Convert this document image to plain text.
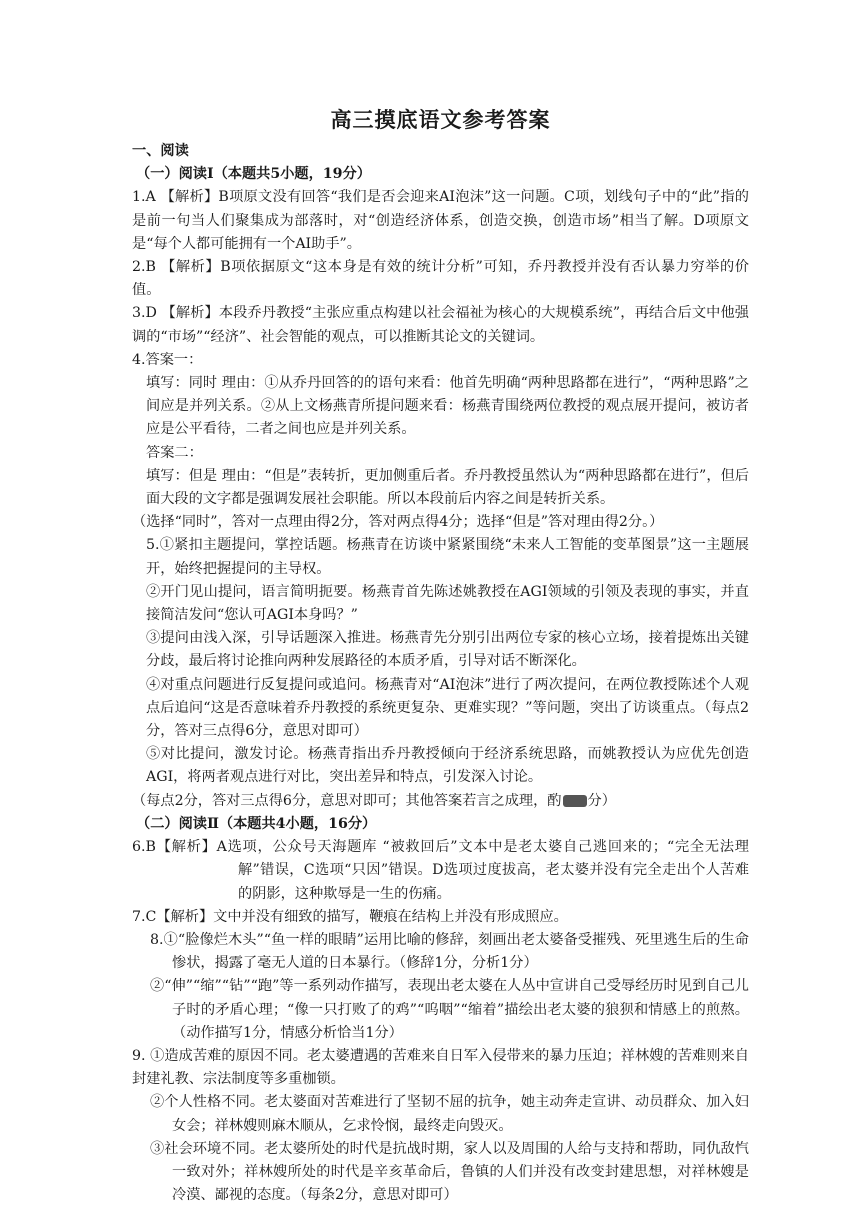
高三摸底语文参考答案

一、阅读

（一）阅读Ⅰ（本题共5小题，19分）

1.A 【解析】B项原文没有回答“我们是否会迎来AI泡沫”这一问题。C项，划线句子中的“此”指的是前一句当人们聚集成为部落时，对“创造经济体系，创造交换，创造市场”相当了解。D项原文是“每个人都可能拥有一个AI助手”。

2.B 【解析】B项依据原文“这本身是有效的统计分析”可知，乔丹教授并没有否认暴力穷举的价值。

3.D 【解析】本段乔丹教授“主张应重点构建以社会福祉为核心的大规模系统”，再结合后文中他强调的“市场”“经济”、社会智能的观点，可以推断其论文的关键词。

4.答案一：

填写：同时 理由：①从乔丹回答的的语句来看：他首先明确“两种思路都在进行”，“两种思路”之间应是并列关系。②从上文杨燕青所提问题来看：杨燕青围绕两位教授的观点展开提问，被访者应是公平看待，二者之间也应是并列关系。

答案二：

填写：但是 理由：“但是”表转折，更加侧重后者。乔丹教授虽然认为“两种思路都在进行”，但后面大段的文字都是强调发展社会职能。所以本段前后内容之间是转折关系。

（选择“同时”，答对一点理由得2分，答对两点得4分；选择“但是”答对理由得2分。）

5.①紧扣主题提问，掌控话题。杨燕青在访谈中紧紧围绕“未来人工智能的变革图景”这一主题展开，始终把握提问的主导权。

②开门见山提问，语言简明扼要。杨燕青首先陈述姚教授在AGI领域的引领及表现的事实，并直接简洁发问“您认可AGI本身吗？”

③提问由浅入深，引导话题深入推进。杨燕青先分别引出两位专家的核心立场，接着提炼出关键分歧，最后将讨论推向两种发展路径的本质矛盾，引导对话不断深化。

④对重点问题进行反复提问或追问。杨燕青对“AI泡沫”进行了两次提问，在两位教授陈述个人观点后追问“这是否意味着乔丹教授的系统更复杂、更难实现？”等问题，突出了访谈重点。（每点2分，答对三点得6分，意思对即可）

⑤对比提问，激发讨论。杨燕青指出乔丹教授倾向于经济系统思路，而姚教授认为应优先创造AGI，将两者观点进行对比，突出差异和特点，引发深入讨论。

（每点2分，答对三点得6分，意思对即可；其他答案若言之成理，酌 分）

（二）阅读Ⅱ（本题共4小题，16分）

6.B【解析】A选项，公众号天海题库 “被救回后”文本中是老太婆自己逃回来的；“完全无法理解”错误，C选项“只因”错误。D选项过度拔高，老太婆并没有完全走出个人苦难的阴影，这种欺辱是一生的伤痛。

7.C【解析】文中并没有细致的描写，鞭痕在结构上并没有形成照应。

8.①“脸像烂木头”“鱼一样的眼睛”运用比喻的修辞，刻画出老太婆备受摧残、死里逃生后的生命惨状，揭露了毫无人道的日本暴行。（修辞1分，分析1分）

②“伸”“缩”“钻”“跑”等一系列动作描写，表现出老太婆在人丛中宣讲自己受辱经历时见到自己儿子时的矛盾心理；“像一只打败了的鸡”“呜咽”“缩着”描绘出老太婆的狼狈和情感上的煎熬。（动作描写1分，情感分析恰当1分）

9. ①造成苦难的原因不同。老太婆遭遇的苦难来自日军入侵带来的暴力压迫；祥林嫂的苦难则来自封建礼教、宗法制度等多重枷锁。

②个人性格不同。老太婆面对苦难进行了坚韧不屈的抗争，她主动奔走宣讲、动员群众、加入妇女会；祥林嫂则麻木顺从，乞求怜悯，最终走向毁灭。

③社会环境不同。老太婆所处的时代是抗战时期，家人以及周围的人给与支持和帮助，同仇敌忾一致对外；祥林嫂所处的时代是辛亥革命后，鲁镇的人们并没有改变封建思想，对祥林嫂是冷漠、鄙视的态度。（每条2分，意思对即可）
